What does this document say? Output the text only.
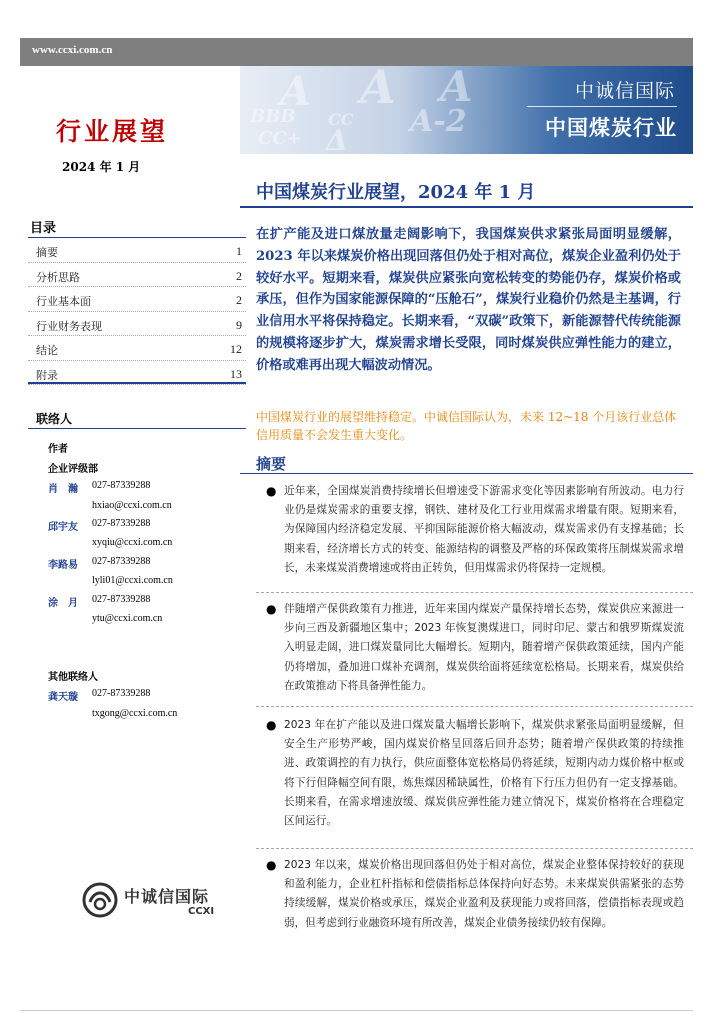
www.ccxi.com.cn
A A A
BBB CC A-2
CC+ Δ
中诚信国际
中国煤炭行业
行业展望
2024 年 1 月
中国煤炭行业展望，2024 年 1 月
目录
摘要	1
分析思路	2
行业基本面	2
行业财务表现	9
结论	12
附录	13
联络人
作者
企业评级部
肖　瀚 027-87339288
hxiao@ccxi.com.cn
邱宇友 027-87339288
xyqiu@ccxi.com.cn
李路易 027-87339288
lyli01@ccxi.com.cn
涂　月 027-87339288
ytu@ccxi.com.cn
其他联络人
龚天璇 027-87339288
txgong@ccxi.com.cn
中诚信国际
CCXI
在扩产能及进口煤放量走阔影响下，我国煤炭供求紧张局面明显缓解，2023 年以来煤炭价格出现回落但仍处于相对高位，煤炭企业盈利仍处于较好水平。短期来看，煤炭供应紧张向宽松转变的势能仍存，煤炭价格或承压，但作为国家能源保障的“压舱石”，煤炭行业稳价仍然是主基调，行业信用水平将保持稳定。长期来看，“双碳”政策下，新能源替代传统能源的规模将逐步扩大，煤炭需求增长受限，同时煤炭供应弹性能力的建立，价格或难再出现大幅波动情况。
中国煤炭行业的展望维持稳定。中诚信国际认为，未来 12~18 个月该行业总体信用质量不会发生重大变化。
摘要
● 近年来，全国煤炭消费持续增长但增速受下游需求变化等因素影响有所波动。电力行业仍是煤炭需求的重要支撑，钢铁、建材及化工行业用煤需求增量有限。短期来看，为保障国内经济稳定发展、平抑国际能源价格大幅波动，煤炭需求仍有支撑基础；长期来看，经济增长方式的转变、能源结构的调整及严格的环保政策将压制煤炭需求增长，未来煤炭消费增速或将由正转负，但用煤需求仍将保持一定规模。
● 伴随增产保供政策有力推进，近年来国内煤炭产量保持增长态势，煤炭供应来源进一步向三西及新疆地区集中；2023 年恢复澳煤进口，同时印尼、蒙古和俄罗斯煤炭流入明显走阔，进口煤炭量同比大幅增长。短期内，随着增产保供政策延续，国内产能仍将增加，叠加进口煤补充调剂，煤炭供给面将延续宽松格局。长期来看，煤炭供给在政策推动下将具备弹性能力。
● 2023 年在扩产能以及进口煤炭量大幅增长影响下，煤炭供求紧张局面明显缓解，但安全生产形势严峻，国内煤炭价格呈回落后回升态势；随着增产保供政策的持续推进、政策调控的有力执行，供应面整体宽松格局仍将延续，短期内动力煤价格中枢或将下行但降幅空间有限，炼焦煤因稀缺属性，价格有下行压力但仍有一定支撑基础。长期来看，在需求增速放缓、煤炭供应弹性能力建立情况下，煤炭价格将在合理稳定区间运行。
● 2023 年以来，煤炭价格出现回落但仍处于相对高位，煤炭企业整体保持较好的获现和盈利能力，企业杠杆指标和偿债指标总体保持向好态势。未来煤炭供需紧张的态势持续缓解，煤炭价格或承压，煤炭企业盈利及获现能力或将回落，偿债指标表现或趋弱，但考虑到行业融资环境有所改善，煤炭企业债务接续仍较有保障。
